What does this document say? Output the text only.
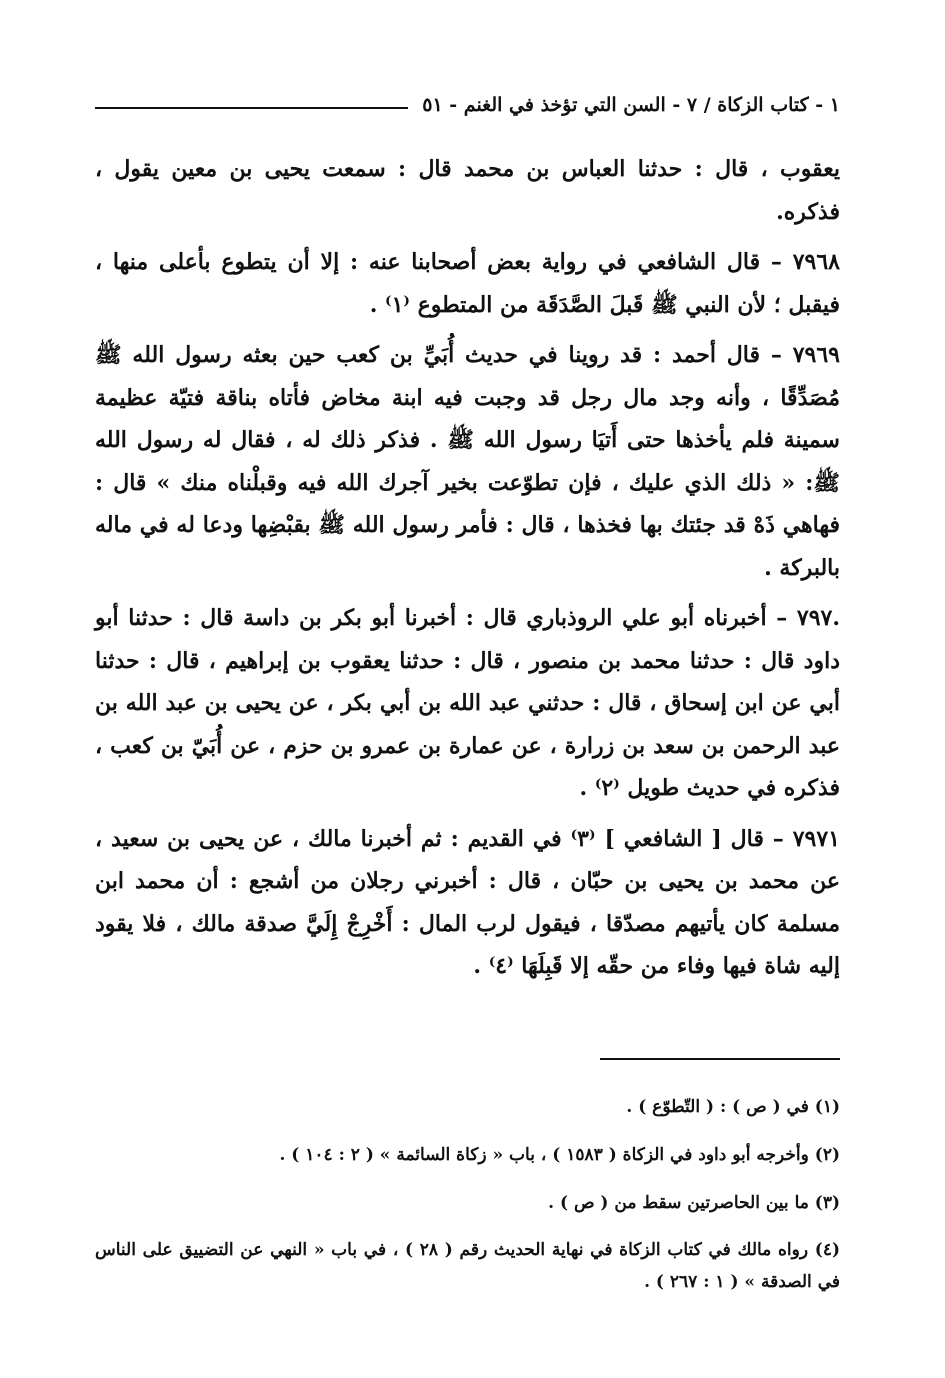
١ - كتاب الزكاة / ٧ - السن التي تؤخذ في الغنم - ٥١

يعقوب ، قال : حدثنا العباس بن محمد قال : سمعت يحيى بن معين يقول ، فذكره.

٧٩٦٨ – قال الشافعي في رواية بعض أصحابنا عنه : إلا أن يتطوع بأعلى منها ، فيقبل ؛ لأن النبي ﷺ قَبلَ الصَّدَقَة من المتطوع ⁽١⁾ .

٧٩٦٩ – قال أحمد : قد روينا في حديث أُبَيِّ بن كعب حين بعثه رسول الله ﷺ مُصَدِّقًا ، وأنه وجد مال رجل قد وجبت فيه ابنة مخاض فأتاه بناقة فتيّة عظيمة سمينة فلم يأخذها حتى أَتيَا رسول الله ﷺ . فذكر ذلك له ، فقال له رسول الله ﷺ: « ذلك الذي عليك ، فإن تطوّعت بخير آجرك الله فيه وقبلْناه منك » قال : فهاهي ذَهْ قد جئتك بها فخذها ، قال : فأمر رسول الله ﷺ بقبْضِها ودعا له في ماله بالبركة .

.٧٩٧ – أخبرناه أبو علي الروذباري قال : أخبرنا أبو بكر بن داسة قال : حدثنا أبو داود قال : حدثنا محمد بن منصور ، قال : حدثنا يعقوب بن إبراهيم ، قال : حدثنا أبي عن ابن إسحاق ، قال : حدثني عبد الله بن أبي بكر ، عن يحيى بن عبد الله بن عبد الرحمن بن سعد بن زرارة ، عن عمارة بن عمرو بن حزم ، عن أُبَيّ بن كعب ، فذكره في حديث طويل ⁽٢⁾ .

٧٩٧١ – قال [ الشافعي ] ⁽٣⁾ في القديم : ثم أخبرنا مالك ، عن يحيى بن سعيد ، عن محمد بن يحيى بن حبّان ، قال : أخبرني رجلان من أشجع : أن محمد ابن مسلمة كان يأتيهم مصدّقا ، فيقول لرب المال : أَخْرِجْ إِلَيَّ صدقة مالك ، فلا يقود إليه شاة فيها وفاء من حقّه إلا قَبِلَهَا ⁽٤⁾ .

(١) في ( ص ) : ( التّطوّع ) .

(٢) وأخرجه أبو داود في الزكاة ( ١٥٨٣ ) ، باب « زكاة السائمة » ( ٢ : ١٠٤ ) .

(٣) ما بين الحاصرتين سقط من ( ص ) .

(٤) رواه مالك في كتاب الزكاة في نهاية الحديث رقم ( ٢٨ ) ، في باب « النهي عن التضييق على الناس في الصدقة » ( ١ : ٢٦٧ ) .
